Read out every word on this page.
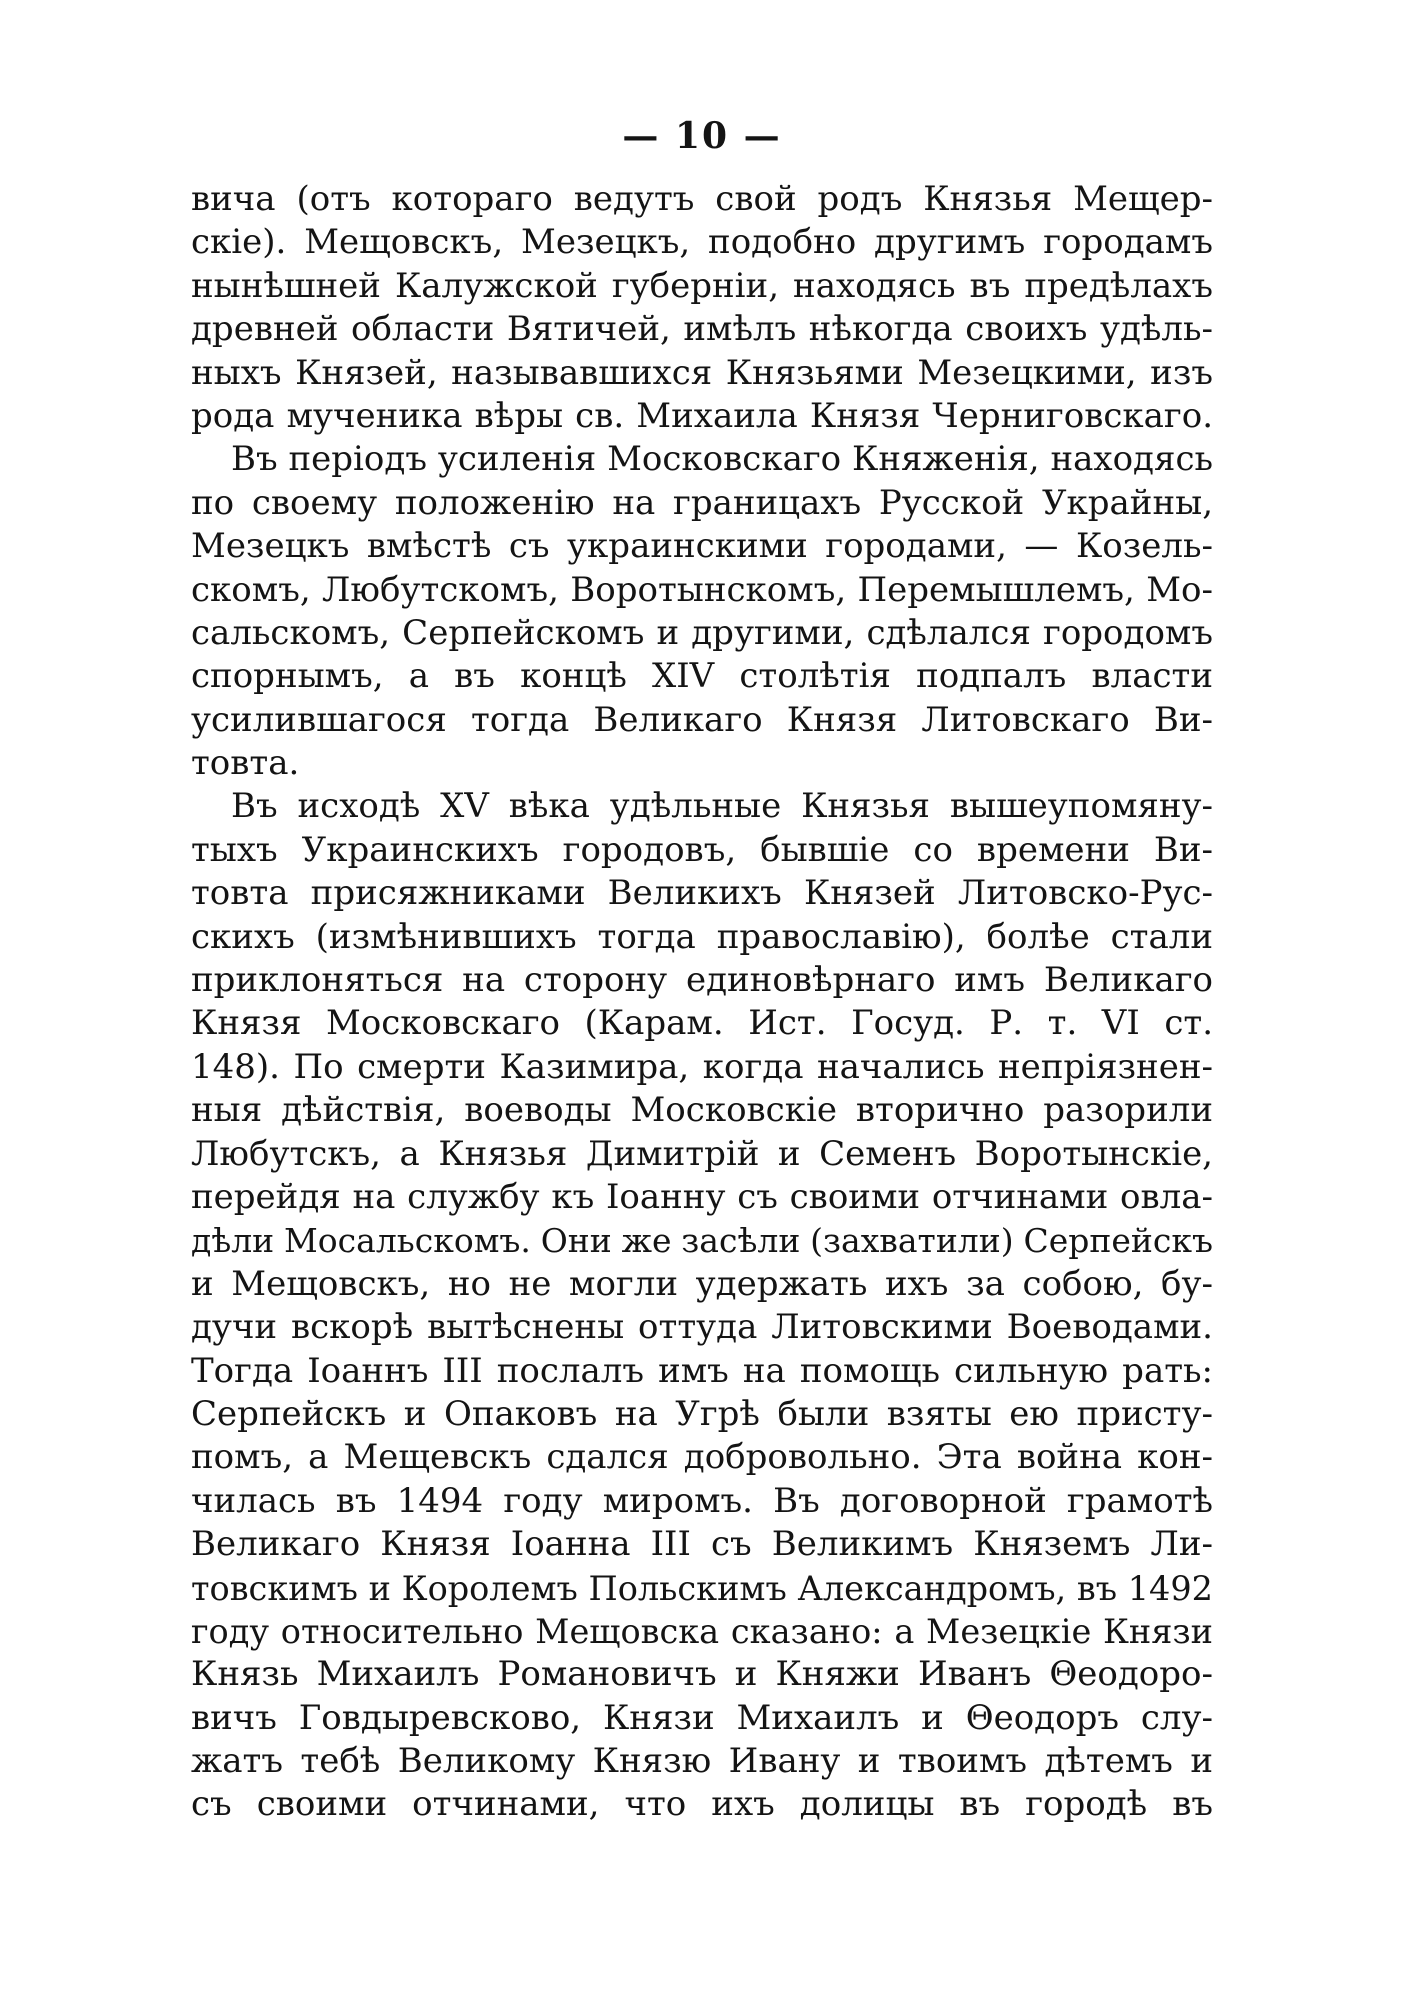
— 10 —
вича (отъ котораго ведутъ свой родъ Князья Мещер-
скіе). Мещовскъ, Мезецкъ, подобно другимъ городамъ
нынѣшней Калужской губерніи, находясь въ предѣлахъ
древней области Вятичей, имѣлъ нѣкогда своихъ удѣль-
ныхъ Князей, называвшихся Князьями Мезецкими, изъ
рода мученика вѣры св. Михаила Князя Черниговскаго.
Въ періодъ усиленія Московскаго Княженія, находясь
по своему положенію на границахъ Русской Украйны,
Мезецкъ вмѣстѣ съ украинскими городами, — Козель-
скомъ, Любутскомъ, Воротынскомъ, Перемышлемъ, Мо-
сальскомъ, Серпейскомъ и другими, сдѣлался городомъ
спорнымъ, а въ концѣ XIV столѣтія подпалъ власти
усилившагося тогда Великаго Князя Литовскаго Ви-
товта.
Въ исходѣ XV вѣка удѣльные Князья вышеупомяну-
тыхъ Украинскихъ городовъ, бывшіе со времени Ви-
товта присяжниками Великихъ Князей Литовско-Рус-
скихъ (измѣнившихъ тогда православію), болѣе стали
приклоняться на сторону единовѣрнаго имъ Великаго
Князя Московскаго (Карам. Ист. Госуд. Р. т. VI ст.
148). По смерти Казимира, когда начались непріязнен-
ныя дѣйствія, воеводы Московскіе вторично разорили
Любутскъ, а Князья Димитрій и Семенъ Воротынскіе,
перейдя на службу къ Іоанну съ своими отчинами овла-
дѣли Мосальскомъ. Они же засѣли (захватили) Серпейскъ
и Мещовскъ, но не могли удержать ихъ за собою, бу-
дучи вскорѣ вытѣснены оттуда Литовскими Воеводами.
Тогда Іоаннъ III послалъ имъ на помощь сильную рать:
Серпейскъ и Опаковъ на Угрѣ были взяты ею присту-
помъ, а Мещевскъ сдался добровольно. Эта война кон-
чилась въ 1494 году миромъ. Въ договорной грамотѣ
Великаго Князя Іоанна III съ Великимъ Княземъ Ли-
товскимъ и Королемъ Польскимъ Александромъ, въ 1492
году относительно Мещовска сказано: а Мезецкіе Князи
Князь Михаилъ Романовичъ и Княжи Иванъ Θеодоро-
вичъ Говдыревсково, Князи Михаилъ и Θеодоръ слу-
жатъ тебѣ Великому Князю Ивану и твоимъ дѣтемъ и
съ своими отчинами, что ихъ долицы въ городѣ въ
